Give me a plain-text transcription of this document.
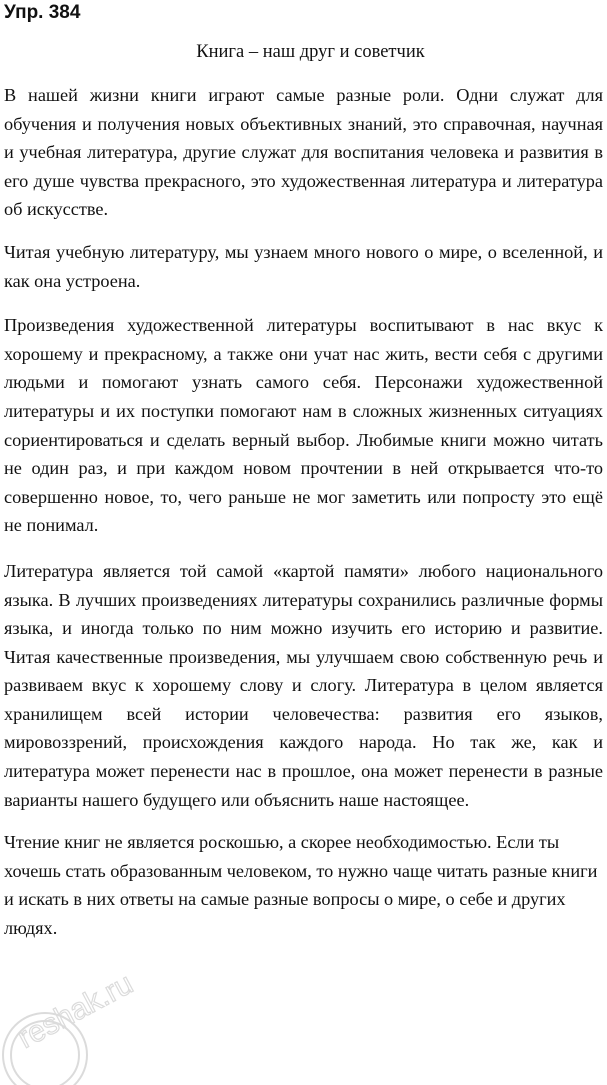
Упр. 384
Книга – наш друг и советчик

В нашей жизни книги играют самые разные роли. Одни служат для обучения и получения новых объективных знаний, это справочная, научная и учебная литература, другие служат для воспитания человека и развития в его душе чувства прекрасного, это художественная литература и литература об искусстве.

Читая учебную литературу, мы узнаем много нового о мире, о вселенной, и как она устроена.

Произведения художественной литературы воспитывают в нас вкус к хорошему и прекрасному, а также они учат нас жить, вести себя с другими людьми и помогают узнать самого себя. Персонажи художественной литературы и их поступки помогают нам в сложных жизненных ситуациях сориентироваться и сделать верный выбор. Любимые книги можно читать не один раз, и при каждом новом прочтении в ней открывается что-то совершенно новое, то, чего раньше не мог заметить или попросту это ещё не понимал.

Литература является той самой «картой памяти» любого национального языка. В лучших произведениях литературы сохранились различные формы языка, и иногда только по ним можно изучить его историю и развитие. Читая качественные произведения, мы улучшаем свою собственную речь и развиваем вкус к хорошему слову и слогу. Литература в целом является хранилищем всей истории человечества: развития его языков, мировоззрений, происхождения каждого народа. Но так же, как и литература может перенести нас в прошлое, она может перенести в разные варианты нашего будущего или объяснить наше настоящее.

Чтение книг не является роскошью, а скорее необходимостью. Если ты хочешь стать образованным человеком, то нужно чаще читать разные книги и искать в них ответы на самые разные вопросы о мире, о себе и других людях.

reshak.ru
